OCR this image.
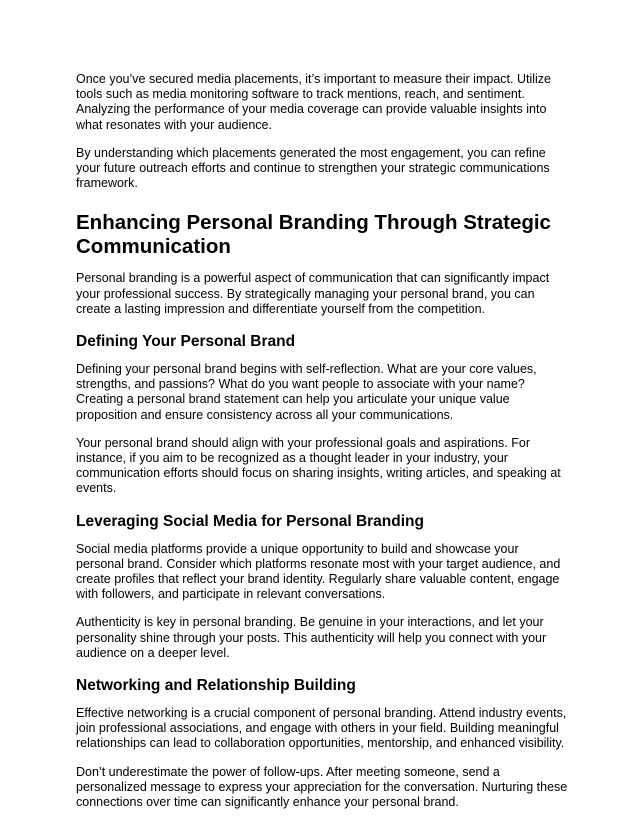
Once you’ve secured media placements, it’s important to measure their impact. Utilize tools such as media monitoring software to track mentions, reach, and sentiment. Analyzing the performance of your media coverage can provide valuable insights into what resonates with your audience.

By understanding which placements generated the most engagement, you can refine your future outreach efforts and continue to strengthen your strategic communications framework.

Enhancing Personal Branding Through Strategic Communication

Personal branding is a powerful aspect of communication that can significantly impact your professional success. By strategically managing your personal brand, you can create a lasting impression and differentiate yourself from the competition.

Defining Your Personal Brand

Defining your personal brand begins with self-reflection. What are your core values, strengths, and passions? What do you want people to associate with your name? Creating a personal brand statement can help you articulate your unique value proposition and ensure consistency across all your communications.

Your personal brand should align with your professional goals and aspirations. For instance, if you aim to be recognized as a thought leader in your industry, your communication efforts should focus on sharing insights, writing articles, and speaking at events.

Leveraging Social Media for Personal Branding

Social media platforms provide a unique opportunity to build and showcase your personal brand. Consider which platforms resonate most with your target audience, and create profiles that reflect your brand identity. Regularly share valuable content, engage with followers, and participate in relevant conversations.

Authenticity is key in personal branding. Be genuine in your interactions, and let your personality shine through your posts. This authenticity will help you connect with your audience on a deeper level.

Networking and Relationship Building

Effective networking is a crucial component of personal branding. Attend industry events, join professional associations, and engage with others in your field. Building meaningful relationships can lead to collaboration opportunities, mentorship, and enhanced visibility.

Don’t underestimate the power of follow-ups. After meeting someone, send a personalized message to express your appreciation for the conversation. Nurturing these connections over time can significantly enhance your personal brand.
